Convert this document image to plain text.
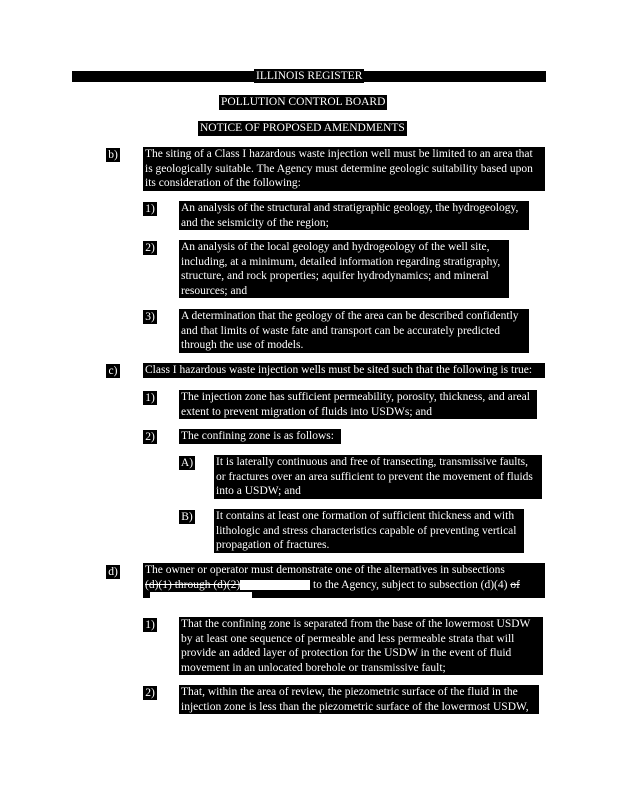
ILLINOIS REGISTER
POLLUTION CONTROL BOARD
NOTICE OF PROPOSED AMENDMENTS
b) The siting of a Class I hazardous waste injection well must be limited to an area that
is geologically suitable. The Agency must determine geologic suitability based upon
its consideration of the following:
1) An analysis of the structural and stratigraphic geology, the hydrogeology,
and the seismicity of the region;
2) An analysis of the local geology and hydrogeology of the well site,
including, at a minimum, detailed information regarding stratigraphy,
structure, and rock properties; aquifer hydrodynamics; and mineral
resources; and
3) A determination that the geology of the area can be described confidently
and that limits of waste fate and transport can be accurately predicted
through the use of models.
c) Class I hazardous waste injection wells must be sited such that the following is true:
1) The injection zone has sufficient permeability, porosity, thickness, and areal
extent to prevent migration of fluids into USDWs; and
2) The confining zone is as follows:
A) It is laterally continuous and free of transecting, transmissive faults,
or fractures over an area sufficient to prevent the movement of fluids
into a USDW; and
B) It contains at least one formation of sufficient thickness and with
lithologic and stress characteristics capable of preventing vertical
propagation of fractures.
d) The owner or operator must demonstrate one of the alternatives in subsections
(d)(1) through (d)(2)	to the Agency, subject to subsection (d)(4) of
1) That the confining zone is separated from the base of the lowermost USDW
by at least one sequence of permeable and less permeable strata that will
provide an added layer of protection for the USDW in the event of fluid
movement in an unlocated borehole or transmissive fault;
2) That, within the area of review, the piezometric surface of the fluid in the
injection zone is less than the piezometric surface of the lowermost USDW,
